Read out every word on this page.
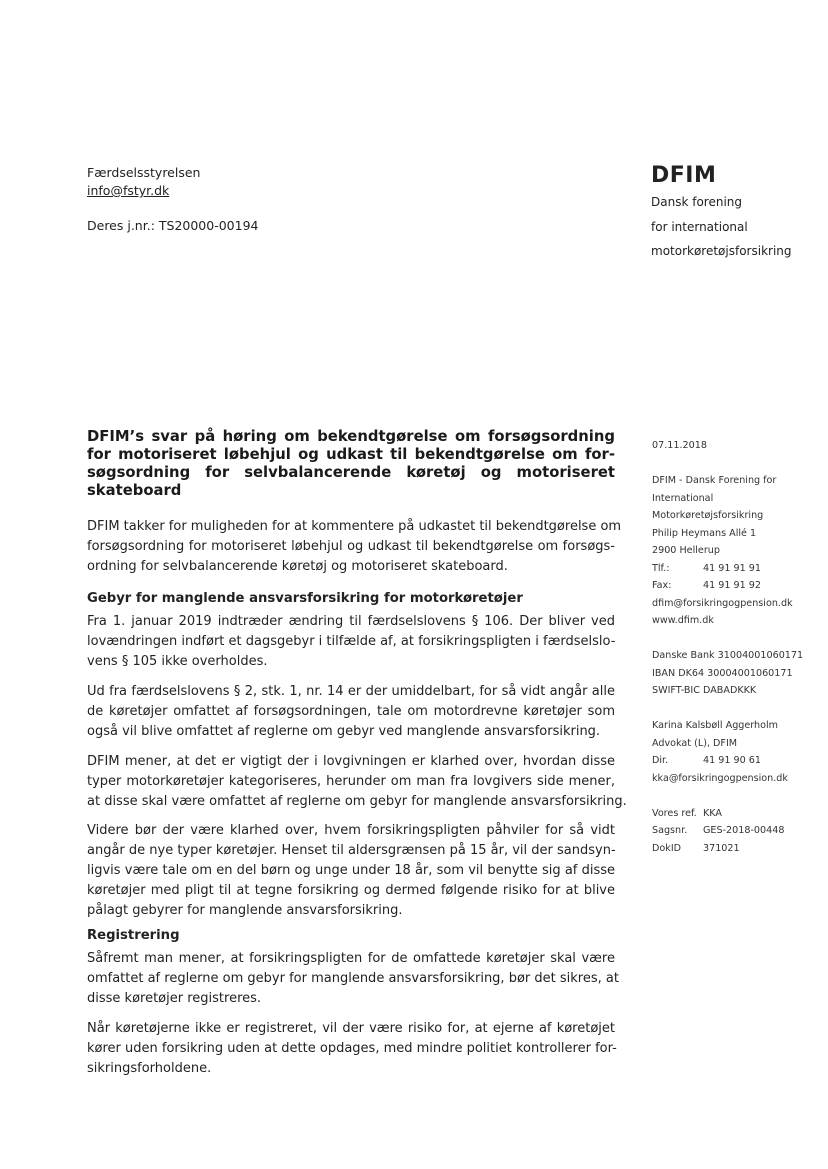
Færdselsstyrelsen
info@fstyr.dk
Deres j.nr.: TS20000-00194
DFIM
Dansk forening
for international
motorkøretøjsforsikring
07.11.2018
DFIM - Dansk Forening for
International
Motorkøretøjsforsikring
Philip Heymans Allé 1
2900 Hellerup
Tlf.:	41 91 91 91
Fax:	41 91 91 92
dfim@forsikringogpension.dk
www.dfim.dk
Danske Bank 31004001060171
IBAN DK64 30004001060171
SWIFT-BIC DABADKKK
Karina Kalsbøll Aggerholm
Advokat (L), DFIM
Dir.	41 91 90 61
kka@forsikringogpension.dk
Vores ref. KKA
Sagsnr. GES-2018-00448
DokID 371021
DFIM’s svar på høring om bekendtgørelse om forsøgsordning
for motoriseret løbehjul og udkast til bekendtgørelse om for-
søgsordning for selvbalancerende køretøj og motoriseret
skateboard
DFIM takker for muligheden for at kommentere på udkastet til bekendtgørelse om
forsøgsordning for motoriseret løbehjul og udkast til bekendtgørelse om forsøgs-
ordning for selvbalancerende køretøj og motoriseret skateboard.
Gebyr for manglende ansvarsforsikring for motorkøretøjer
Fra 1. januar 2019 indtræder ændring til færdselslovens § 106. Der bliver ved
lovændringen indført et dagsgebyr i tilfælde af, at forsikringspligten i færdselslo-
vens § 105 ikke overholdes.
Ud fra færdselslovens § 2, stk. 1, nr. 14 er der umiddelbart, for så vidt angår alle
de køretøjer omfattet af forsøgsordningen, tale om motordrevne køretøjer som
også vil blive omfattet af reglerne om gebyr ved manglende ansvarsforsikring.
DFIM mener, at det er vigtigt der i lovgivningen er klarhed over, hvordan disse
typer motorkøretøjer kategoriseres, herunder om man fra lovgivers side mener,
at disse skal være omfattet af reglerne om gebyr for manglende ansvarsforsikring.
Videre bør der være klarhed over, hvem forsikringspligten påhviler for så vidt
angår de nye typer køretøjer. Henset til aldersgrænsen på 15 år, vil der sandsyn-
ligvis være tale om en del børn og unge under 18 år, som vil benytte sig af disse
køretøjer med pligt til at tegne forsikring og dermed følgende risiko for at blive
pålagt gebyrer for manglende ansvarsforsikring.
Registrering
Såfremt man mener, at forsikringspligten for de omfattede køretøjer skal være
omfattet af reglerne om gebyr for manglende ansvarsforsikring, bør det sikres, at
disse køretøjer registreres.
Når køretøjerne ikke er registreret, vil der være risiko for, at ejerne af køretøjet
kører uden forsikring uden at dette opdages, med mindre politiet kontrollerer for-
sikringsforholdene.
